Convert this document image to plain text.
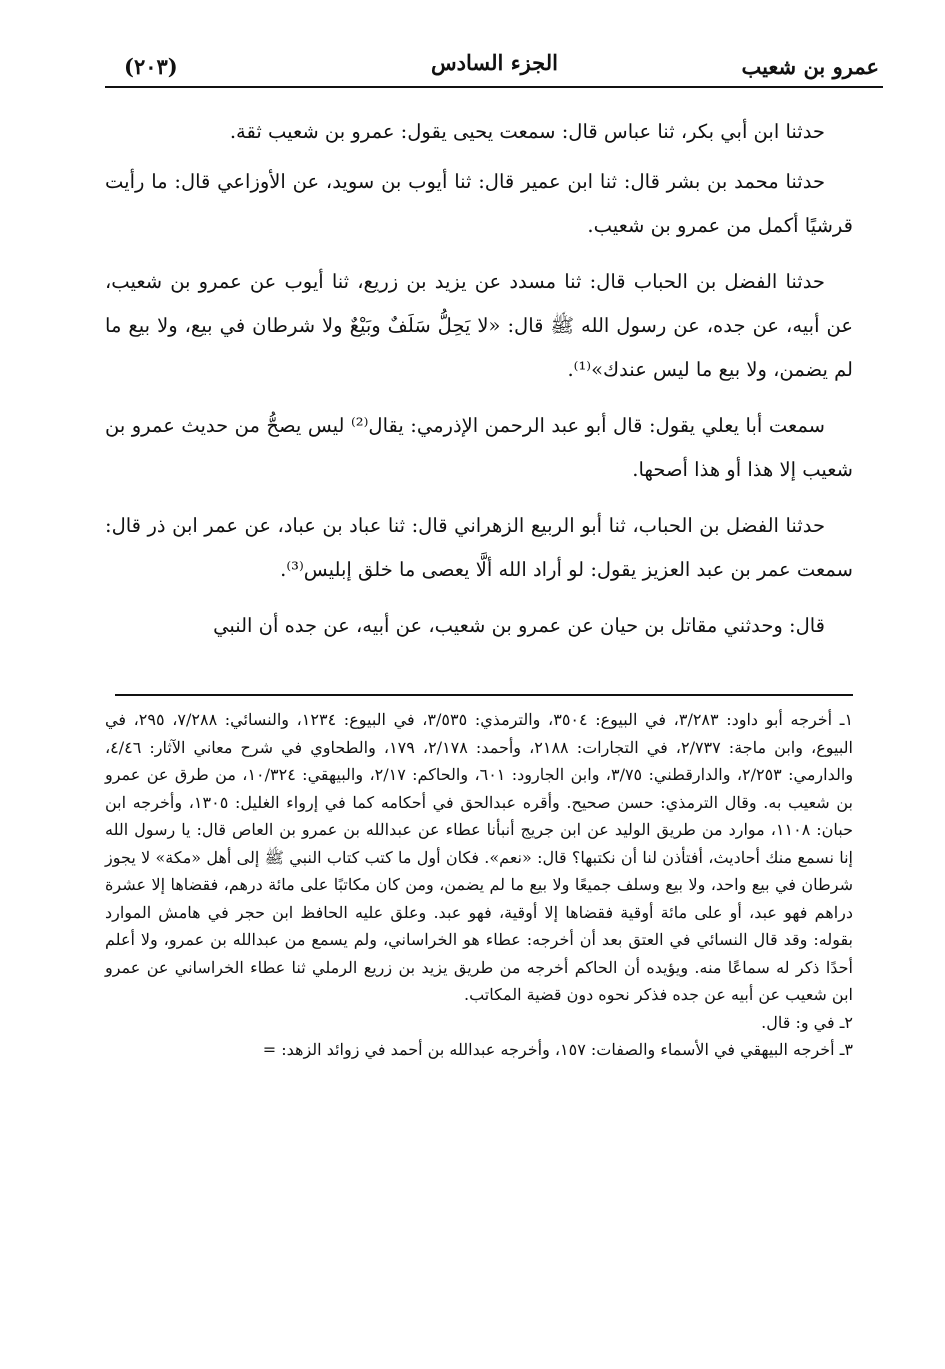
عمرو بن شعيب
الجزء السادس
(٢٠٣)

حدثنا ابن أبي بكر، ثنا عباس قال: سمعت يحيى يقول: عمرو بن شعيب ثقة.

حدثنا محمد بن بشر قال: ثنا ابن عمير قال: ثنا أيوب بن سويد، عن الأوزاعي قال: ما رأيت قرشيًا أكمل من عمرو بن شعيب.

حدثنا الفضل بن الحباب قال: ثنا مسدد عن يزيد بن زريع، ثنا أيوب عن عمرو بن شعيب، عن أبيه، عن جده، عن رسول الله ﷺ قال: «لا يَحِلُّ سَلَفٌ وبَيْعٌ ولا شرطان في بيع، ولا بيع ما لم يضمن، ولا بيع ما ليس عندك»⁽¹⁾.

سمعت أبا يعلي يقول: قال أبو عبد الرحمن الإذرمي: يقال⁽²⁾ ليس يصحُّ من حديث عمرو بن شعيب إلا هذا أو هذا أصحها.

حدثنا الفضل بن الحباب، ثنا أبو الربيع الزهراني قال: ثنا عباد بن عباد، عن عمر ابن ذر قال: سمعت عمر بن عبد العزيز يقول: لو أراد الله ألَّا يعصى ما خلق إبليس⁽³⁾.

قال: وحدثني مقاتل بن حيان عن عمرو بن شعيب، عن أبيه، عن جده أن النبي

١ـ أخرجه أبو داود: ٣/٢٨٣، في البيوع: ٣٥٠٤، والترمذي: ٣/٥٣٥، في البيوع: ١٢٣٤، والنسائي: ٧/٢٨٨، ٢٩٥، في البيوع، وابن ماجة: ٢/٧٣٧، في التجارات: ٢١٨٨، وأحمد: ٢/١٧٨، ١٧٩، والطحاوي في شرح معاني الآثار: ٤/٤٦، والدارمي: ٢/٢٥٣، والدارقطني: ٣/٧٥، وابن الجارود: ٦٠١، والحاكم: ٢/١٧، والبيهقي: ١٠/٣٢٤، من طرق عن عمرو بن شعيب به. وقال الترمذي: حسن صحيح. وأقره عبدالحق في أحكامه كما في إرواء الغليل: ١٣٠٥، وأخرجه ابن حبان: ١١٠٨، موارد من طريق الوليد عن ابن جريج أنبأنا عطاء عن عبدالله بن عمرو بن العاص قال: يا رسول الله إنا نسمع منك أحاديث، أفتأذن لنا أن نكتبها؟ قال: «نعم». فكان أول ما كتب كتاب النبي ﷺ إلى أهل «مكة» لا يجوز شرطان في بيع واحد، ولا بيع وسلف جميعًا ولا بيع ما لم يضمن، ومن كان مكاتبًا على مائة درهم، فقضاها إلا عشرة دراهم فهو عبد، أو على مائة أوقية فقضاها إلا أوقية، فهو عبد. وعلق عليه الحافظ ابن حجر في هامش الموارد بقوله: وقد قال النسائي في العتق بعد أن أخرجه: عطاء هو الخراساني، ولم يسمع من عبدالله بن عمرو، ولا أعلم أحدًا ذكر له سماعًا منه. ويؤيده أن الحاكم أخرجه من طريق يزيد بن زريع الرملي ثنا عطاء الخراساني عن عمرو ابن شعيب عن أبيه عن جده فذكر نحوه دون قضية المكاتب.

٢ـ في و: قال.

٣ـ أخرجه البيهقي في الأسماء والصفات: ١٥٧، وأخرجه عبدالله بن أحمد في زوائد الزهد: =
